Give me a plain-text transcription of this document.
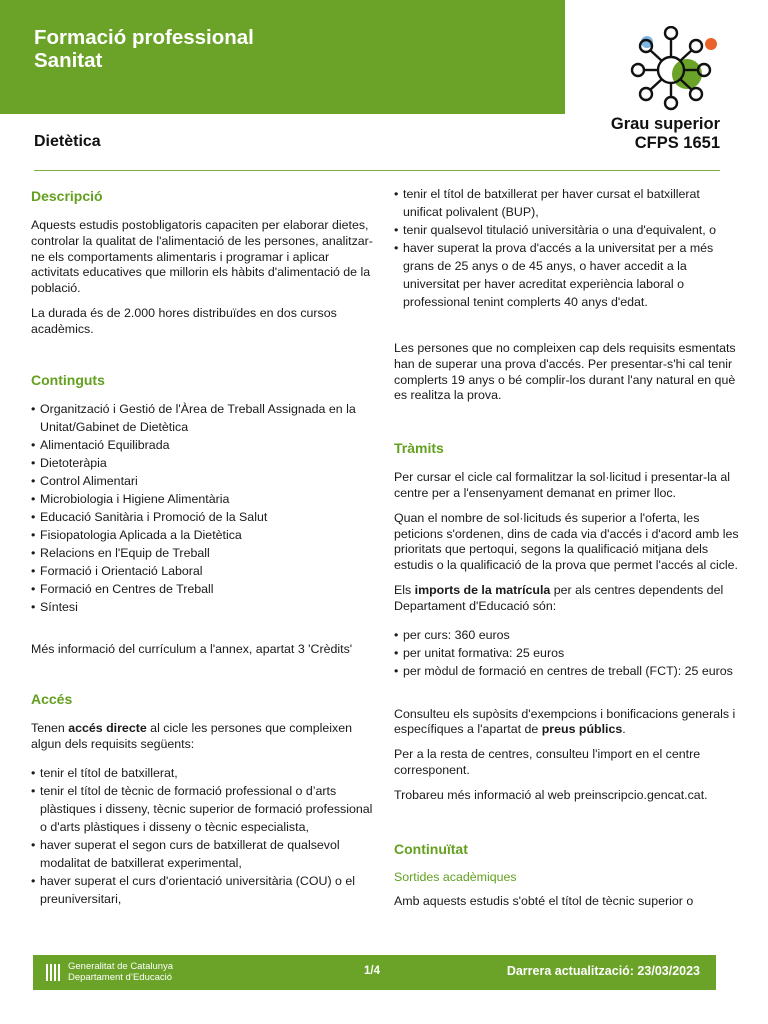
Formació professional
Sanitat
Grau superior
CFPS 1651
Dietètica
Descripció

Aquests estudis postobligatoris capaciten per elaborar dietes, controlar la qualitat de l'alimentació de les persones, analitzar-ne els comportaments alimentaris i programar i aplicar activitats educatives que millorin els hàbits d'alimentació de la població.

La durada és de 2.000 hores distribuïdes en dos cursos acadèmics.

Continguts
• Organització i Gestió de l'Àrea de Treball Assignada en la Unitat/Gabinet de Dietètica
• Alimentació Equilibrada
• Dietoteràpia
• Control Alimentari
• Microbiologia i Higiene Alimentària
• Educació Sanitària i Promoció de la Salut
• Fisiopatologia Aplicada a la Dietètica
• Relacions en l'Equip de Treball
• Formació i Orientació Laboral
• Formació en Centres de Treball
• Síntesi

Més informació del currículum a l'annex, apartat 3 'Crèdits'

Accés

Tenen accés directe al cicle les persones que compleixen algun dels requisits següents:

• tenir el títol de batxillerat,
• tenir el títol de tècnic de formació professional o d’arts plàstiques i disseny, tècnic superior de formació professional o d'arts plàstiques i disseny o tècnic especialista,
• haver superat el segon curs de batxillerat de qualsevol modalitat de batxillerat experimental,
• haver superat el curs d'orientació universitària (COU) o el preuniversitari,
• tenir el títol de batxillerat per haver cursat el batxillerat unificat polivalent (BUP),
• tenir qualsevol titulació universitària o una d'equivalent, o
• haver superat la prova d'accés a la universitat per a més grans de 25 anys o de 45 anys, o haver accedit a la universitat per haver acreditat experiència laboral o professional tenint complerts 40 anys d'edat.

Les persones que no compleixen cap dels requisits esmentats han de superar una prova d'accés. Per presentar-s'hi cal tenir complerts 19 anys o bé complir-los durant l'any natural en què es realitza la prova.

Tràmits

Per cursar el cicle cal formalitzar la sol·licitud i presentar-la al centre per a l'ensenyament demanat en primer lloc.

Quan el nombre de sol·licituds és superior a l'oferta, les peticions s'ordenen, dins de cada via d'accés i d'acord amb les prioritats que pertoqui, segons la qualificació mitjana dels estudis o la qualificació de la prova que permet l'accés al cicle.

Els imports de la matrícula per als centres dependents del Departament d'Educació són:

• per curs: 360 euros
• per unitat formativa: 25 euros
• per mòdul de formació en centres de treball (FCT): 25 euros

Consulteu els supòsits d'exempcions i bonificacions generals i específiques a l'apartat de preus públics.

Per a la resta de centres, consulteu l'import en el centre corresponent.

Trobareu més informació al web preinscripcio.gencat.cat.

Continuïtat
Sortides acadèmiques

Amb aquests estudis s'obté el títol de tècnic superior o

Generalitat de Catalunya
Departament d’Educació	1/4	Darrera actualització: 23/03/2023
